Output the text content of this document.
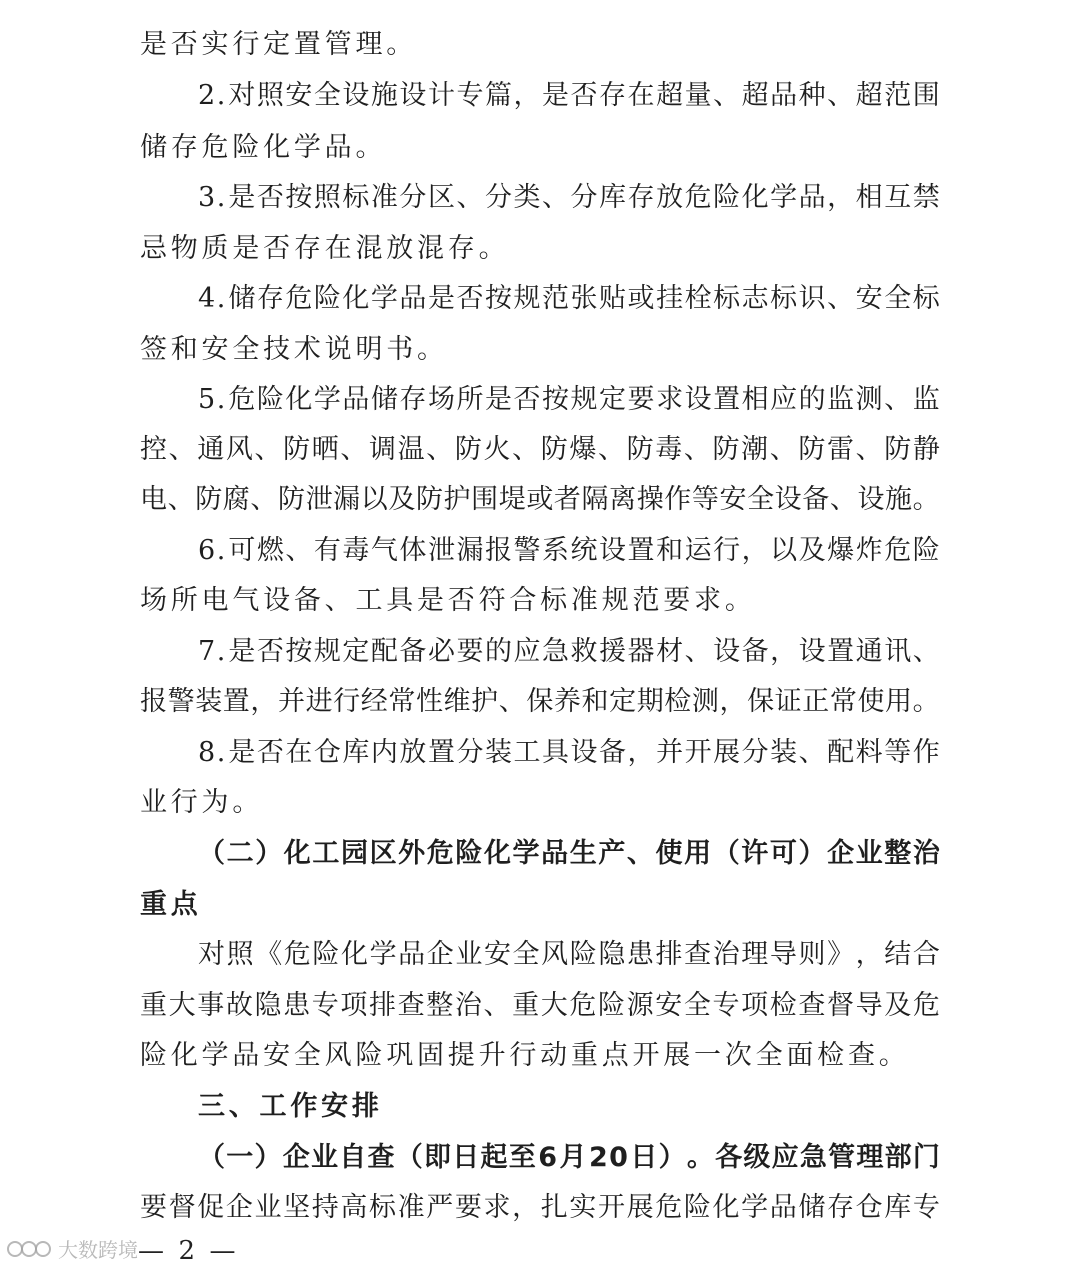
是否实行定置管理。
2 . 对 照 安 全 设 施 设 计 专 篇 ， 是 否 存 在 超 量 、 超 品 种 、 超 范 围
储存危险化学品。
3 . 是 否 按 照 标 准 分 区 、 分 类 、 分 库 存 放 危 险 化 学 品 ， 相 互 禁
忌物质是否存在混放混存。
4 . 储 存 危 险 化 学 品 是 否 按 规 范 张 贴 或 挂 栓 标 志 标 识 、 安 全 标
签和安全技术说明书。
5 . 危 险 化 学 品 储 存 场 所 是 否 按 规 定 要 求 设 置 相 应 的 监 测 、 监
控 、 通 风 、 防 晒 、 调 温 、 防 火 、 防 爆 、 防 毒 、 防 潮 、 防 雷 、 防 静
电 、 防 腐 、 防 泄 漏 以 及 防 护 围 堤 或 者 隔 离 操 作 等 安 全 设 备 、 设 施 。
6 . 可 燃 、 有 毒 气 体 泄 漏 报 警 系 统 设 置 和 运 行 ， 以 及 爆 炸 危 险
场所电气设备、工具是否符合标准规范要求。
7 . 是 否 按 规 定 配 备 必 要 的 应 急 救 援 器 材 、 设 备 ， 设 置 通 讯 、
报 警 装 置 ， 并 进 行 经 常 性 维 护 、 保 养 和 定 期 检 测 ， 保 证 正 常 使 用 。
8 . 是 否 在 仓 库 内 放 置 分 装 工 具 设 备 ， 并 开 展 分 装 、 配 料 等 作
业行为。
（ 二 ） 化 工 园 区 外 危 险 化 学 品 生 产 、 使 用 （ 许 可 ） 企 业 整 治
重点
对 照 《 危 险 化 学 品 企 业 安 全 风 险 隐 患 排 查 治 理 导 则 》 ， 结 合
重 大 事 故 隐 患 专 项 排 查 整 治 、 重 大 危 险 源 安 全 专 项 检 查 督 导 及 危
险化学品安全风险巩固提升行动重点开展一次全面检查。
三、工作安排
（ 一 ） 企 业 自 查 （ 即 日 起 至 6 月 2 0 日 ） 。 各 级 应 急 管 理 部 门
要 督 促 企 业 坚 持 高 标 准 严 要 求 ， 扎 实 开 展 危 险 化 学 品 储 存 仓 库 专
大数跨境 — 2 —
